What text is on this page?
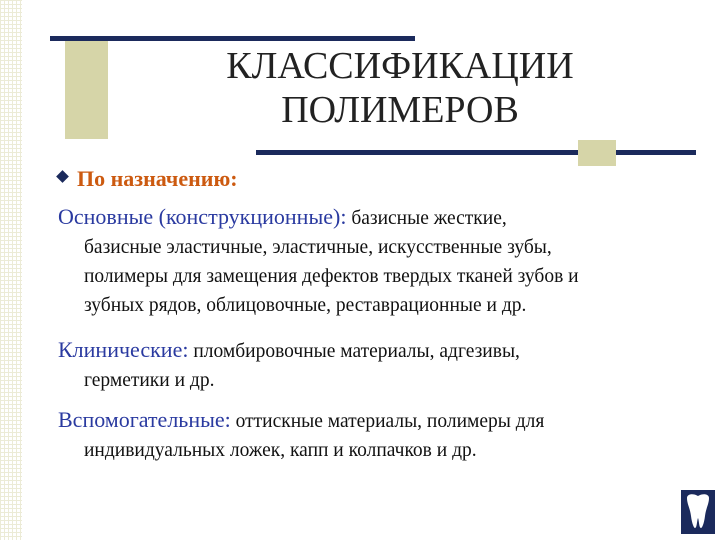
КЛАССИФИКАЦИИ
ПОЛИМЕРОВ
По назначению:
Основные (конструкционные): базисные жесткие,
базисные эластичные, эластичные, искусственные зубы,
полимеры для замещения дефектов твердых тканей зубов и
зубных рядов, облицовочные, реставрационные и др.
Клинические: пломбировочные материалы, адгезивы,
герметики и др.
Вспомогательные: оттискные материалы, полимеры для
индивидуальных ложек, капп и колпачков и др.
